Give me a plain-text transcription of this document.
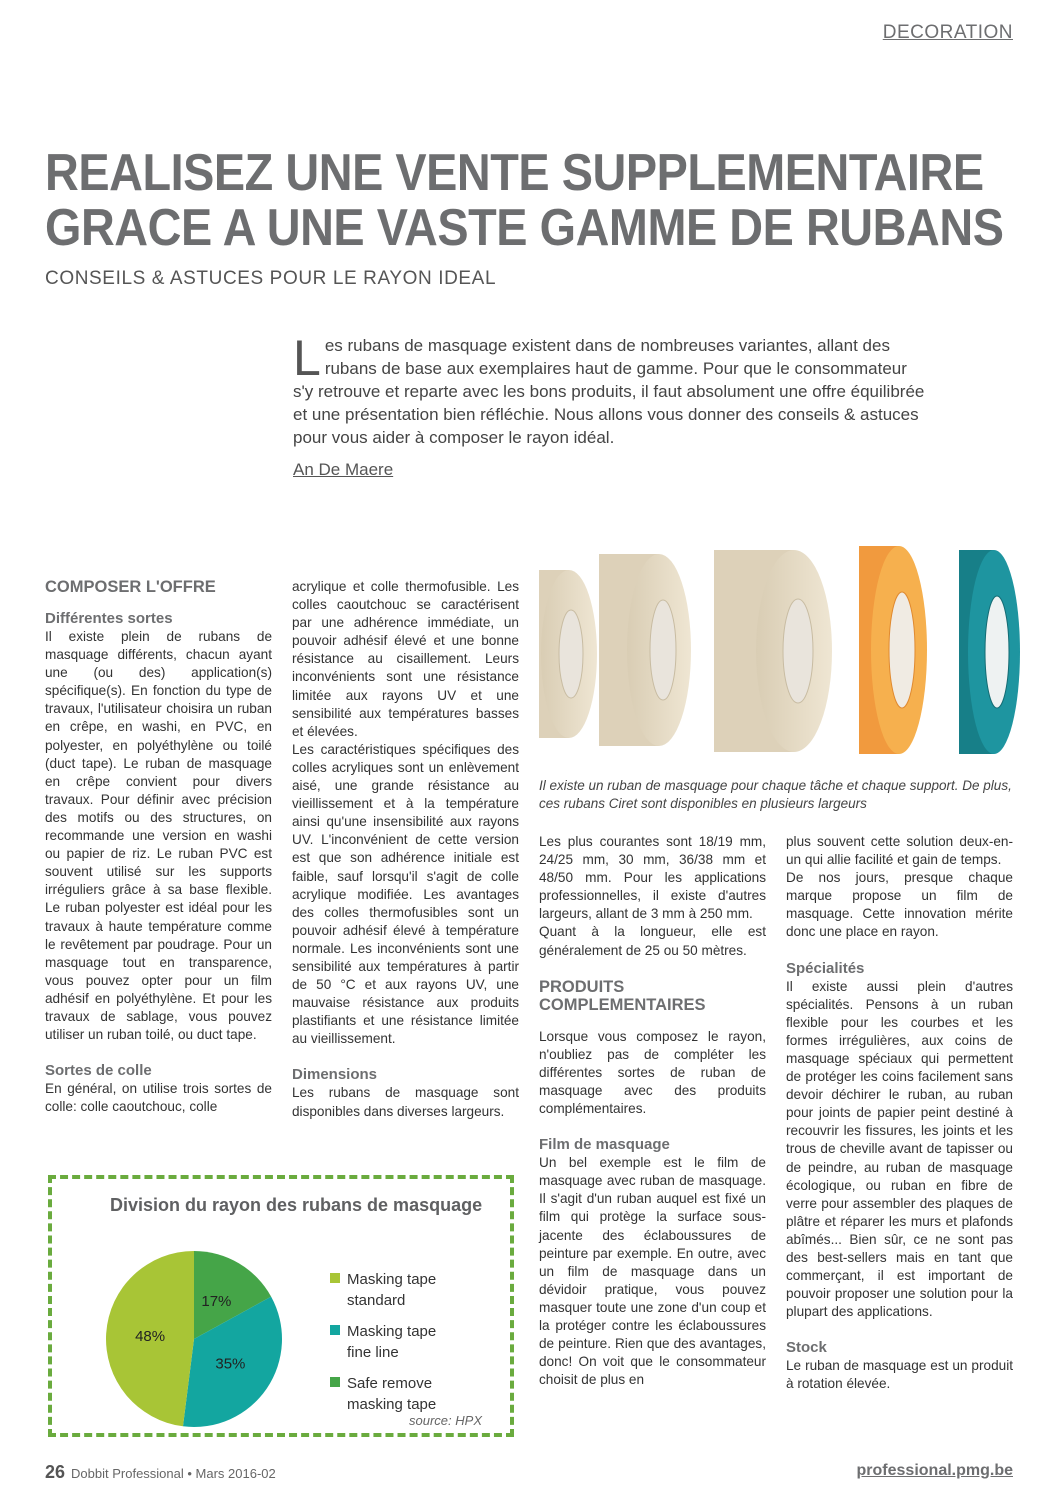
DECORATION
REALISEZ UNE VENTE SUPPLEMENTAIRE
GRACE A UNE VASTE GAMME DE RUBANS
CONSEILS & ASTUCES POUR LE RAYON IDEAL
Les rubans de masquage existent dans de nombreuses variantes, allant des rubans de base aux exemplaires haut de gamme. Pour que le consommateur s'y retrouve et reparte avec les bons produits, il faut absolument une offre équilibrée et une présentation bien réfléchie. Nous allons vous donner des conseils & astuces pour vous aider à composer le rayon idéal.
An De Maere
COMPOSER L'OFFRE
Différentes sortes

Il existe plein de rubans de masquage différents, chacun ayant une (ou des) application(s) spécifique(s). En fonction du type de travaux, l'utilisateur choisira un ruban en crêpe, en washi, en PVC, en polyester, en polyéthylène ou toilé (duct tape). Le ruban de masquage en crêpe convient pour divers travaux. Pour définir avec précision des motifs ou des structures, on recommande une version en washi ou papier de riz. Le ruban PVC est souvent utilisé sur les supports irréguliers grâce à sa base flexible. Le ruban polyester est idéal pour les travaux à haute température comme le revêtement par poudrage. Pour un masquage tout en transparence, vous pouvez opter pour un film adhésif en polyéthylène. Et pour les travaux de sablage, vous pouvez utiliser un ruban toilé, ou duct tape.

Sortes de colle

En général, on utilise trois sortes de colle: colle caoutchouc, colle

acrylique et colle thermofusible. Les colles caoutchouc se caractérisent par une adhérence immédiate, un pouvoir adhésif élevé et une bonne résistance au cisaillement. Leurs inconvénients sont une résistance limitée aux rayons UV et une sensibilité aux températures basses et élevées.

Les caractéristiques spécifiques des colles acryliques sont un enlèvement aisé, une grande résistance au vieillissement et à la température ainsi qu'une insensibilité aux rayons UV. L'inconvénient de cette version est que son adhérence initiale est faible, sauf lorsqu'il s'agit de colle acrylique modifiée. Les avantages des colles thermofusibles sont un pouvoir adhésif élevé à température normale. Les inconvénients sont une sensibilité aux températures à partir de 50 °C et aux rayons UV, une mauvaise résistance aux produits plastifiants et une résistance limitée au vieillissement.

Dimensions

Les rubans de masquage sont disponibles dans diverses largeurs.

Il existe un ruban de masquage pour chaque tâche et chaque support. De plus, ces rubans Ciret sont disponibles en plusieurs largeurs

Les plus courantes sont 18/19 mm, 24/25 mm, 30 mm, 36/38 mm et 48/50 mm. Pour les applications professionnelles, il existe d'autres largeurs, allant de 3 mm à 250 mm.

Quant à la longueur, elle est généralement de 25 ou 50 mètres.

PRODUITS COMPLEMENTAIRES

Lorsque vous composez le rayon, n'oubliez pas de compléter les différentes sortes de ruban de masquage avec des produits complémentaires.

Film de masquage

Un bel exemple est le film de masquage avec ruban de masquage. Il s'agit d'un ruban auquel est fixé un film qui protège la surface sous-jacente des éclaboussures de peinture par exemple. En outre, avec un film de masquage dans un dévidoir pratique, vous pouvez masquer toute une zone d'un coup et la protéger contre les éclaboussures de peinture. Rien que des avantages, donc! On voit que le consommateur choisit de plus en

plus souvent cette solution deux-en-un qui allie facilité et gain de temps.

De nos jours, presque chaque marque propose un film de masquage. Cette innovation mérite donc une place en rayon.

Spécialités

Il existe aussi plein d'autres spécialités. Pensons à un ruban flexible pour les courbes et les formes irrégulières, aux coins de masquage spéciaux qui permettent de protéger les coins facilement sans devoir déchirer le ruban, au ruban pour joints de papier peint destiné à recouvrir les fissures, les joints et les trous de cheville avant de tapisser ou de peindre, au ruban de masquage écologique, ou ruban en fibre de verre pour assembler des plaques de plâtre et réparer les murs et plafonds abîmés... Bien sûr, ce ne sont pas des best-sellers mais en tant que commerçant, il est important de pouvoir proposer une solution pour la plupart des applications.

Stock

Le ruban de masquage est un produit à rotation élevée.

Division du rayon des rubans de masquage
17%
35%
48%
Masking tape standard
Masking tape fine line
Safe remove masking tape
source: HPX
26 Dobbit Professional • Mars 2016-02	professional.pmg.be
